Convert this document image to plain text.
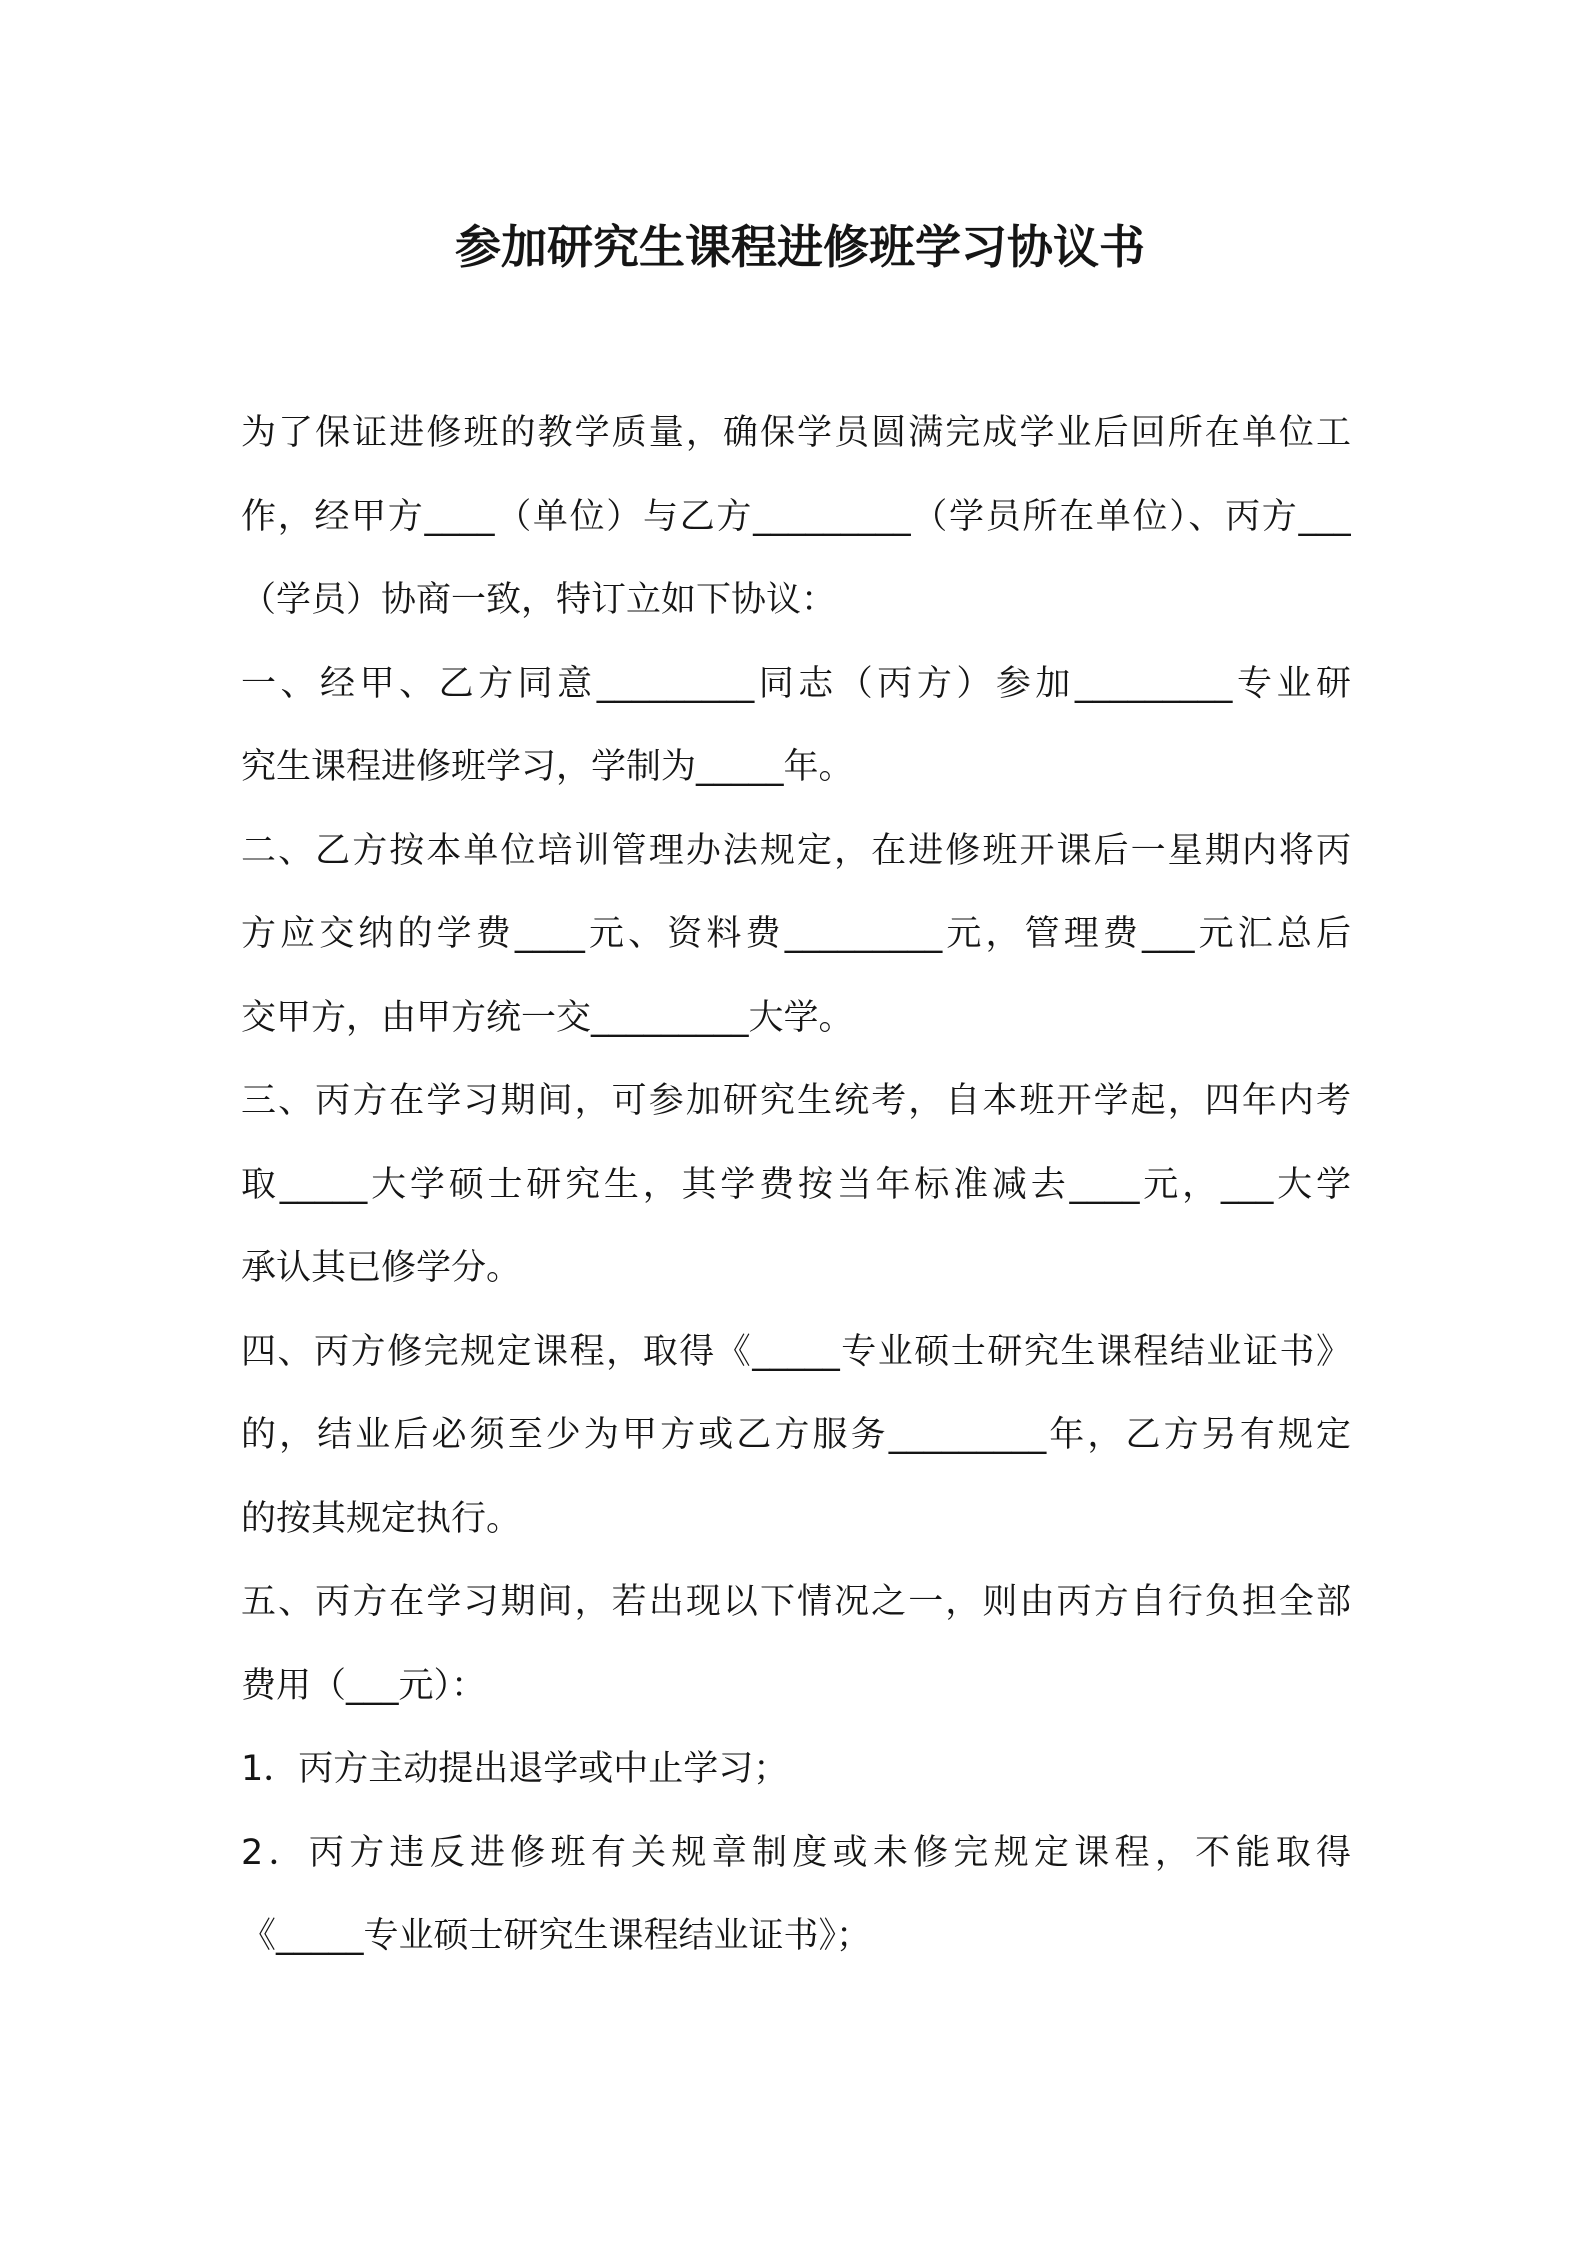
参加研究生课程进修班学习协议书
为了保证进修班的教学质量，确保学员圆满完成学业后回所在单位工
作，经甲方____（单位）与乙方_________（学员所在单位）、丙方___
（学员）协商一致，特订立如下协议：
一、经甲、乙方同意_________同志（丙方）参加_________专业研
究生课程进修班学习，学制为_____年。
二、乙方按本单位培训管理办法规定，在进修班开课后一星期内将丙
方应交纳的学费____元、资料费_________元，管理费___元汇总后
交甲方，由甲方统一交_________大学。
三、丙方在学习期间，可参加研究生统考，自本班开学起，四年内考
取_____大学硕士研究生，其学费按当年标准减去____元，___大学
承认其已修学分。
四、丙方修完规定课程，取得《_____专业硕士研究生课程结业证书》
的，结业后必须至少为甲方或乙方服务_________年，乙方另有规定
的按其规定执行。
五、丙方在学习期间，若出现以下情况之一，则由丙方自行负担全部
费用（___元）：
1．丙方主动提出退学或中止学习；
2．丙方违反进修班有关规章制度或未修完规定课程，不能取得
《_____专业硕士研究生课程结业证书》；
